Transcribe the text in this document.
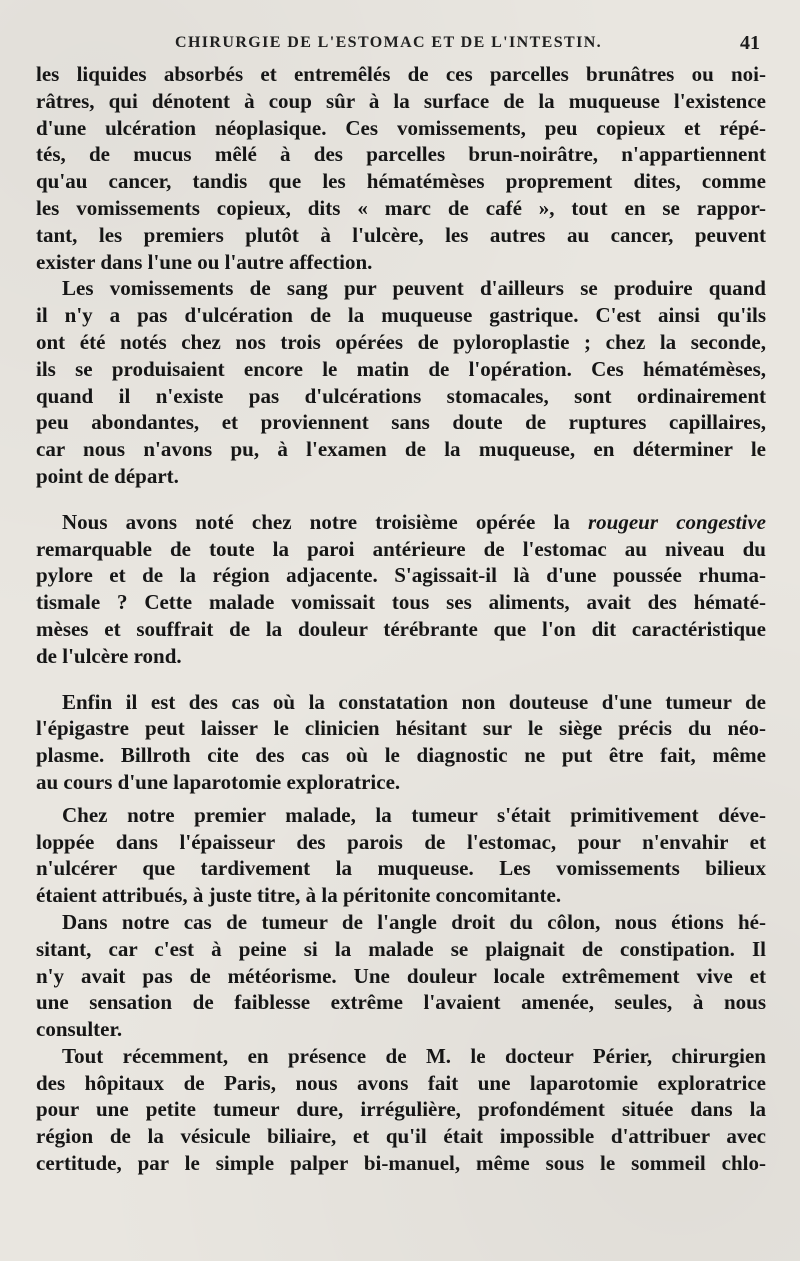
CHIRURGIE DE L'ESTOMAC ET DE L'INTESTIN.	41
les liquides absorbés et entremêlés de ces parcelles brunâtres ou noi-
râtres, qui dénotent à coup sûr à la surface de la muqueuse l'existence
d'une ulcération néoplasique. Ces vomissements, peu copieux et répé-
tés, de mucus mêlé à des parcelles brun-noirâtre, n'appartiennent
qu'au cancer, tandis que les hématémèses proprement dites, comme
les vomissements copieux, dits « marc de café », tout en se rappor-
tant, les premiers plutôt à l'ulcère, les autres au cancer, peuvent
exister dans l'une ou l'autre affection.
Les vomissements de sang pur peuvent d'ailleurs se produire quand
il n'y a pas d'ulcération de la muqueuse gastrique. C'est ainsi qu'ils
ont été notés chez nos trois opérées de pyloroplastie ; chez la seconde,
ils se produisaient encore le matin de l'opération. Ces hématémèses,
quand il n'existe pas d'ulcérations stomacales, sont ordinairement
peu abondantes, et proviennent sans doute de ruptures capillaires,
car nous n'avons pu, à l'examen de la muqueuse, en déterminer le
point de départ.
Nous avons noté chez notre troisième opérée la rougeur congestive
remarquable de toute la paroi antérieure de l'estomac au niveau du
pylore et de la région adjacente. S'agissait-il là d'une poussée rhuma-
tismale ? Cette malade vomissait tous ses aliments, avait des hématé-
mèses et souffrait de la douleur térébrante que l'on dit caractéristique
de l'ulcère rond.
Enfin il est des cas où la constatation non douteuse d'une tumeur de
l'épigastre peut laisser le clinicien hésitant sur le siège précis du néo-
plasme. Billroth cite des cas où le diagnostic ne put être fait, même
au cours d'une laparotomie exploratrice.
Chez notre premier malade, la tumeur s'était primitivement déve-
loppée dans l'épaisseur des parois de l'estomac, pour n'envahir et
n'ulcérer que tardivement la muqueuse. Les vomissements bilieux
étaient attribués, à juste titre, à la péritonite concomitante.
Dans notre cas de tumeur de l'angle droit du côlon, nous étions hé-
sitant, car c'est à peine si la malade se plaignait de constipation. Il
n'y avait pas de météorisme. Une douleur locale extrêmement vive et
une sensation de faiblesse extrême l'avaient amenée, seules, à nous
consulter.
Tout récemment, en présence de M. le docteur Périer, chirurgien
des hôpitaux de Paris, nous avons fait une laparotomie exploratrice
pour une petite tumeur dure, irrégulière, profondément située dans la
région de la vésicule biliaire, et qu'il était impossible d'attribuer avec
certitude, par le simple palper bi-manuel, même sous le sommeil chlo-
